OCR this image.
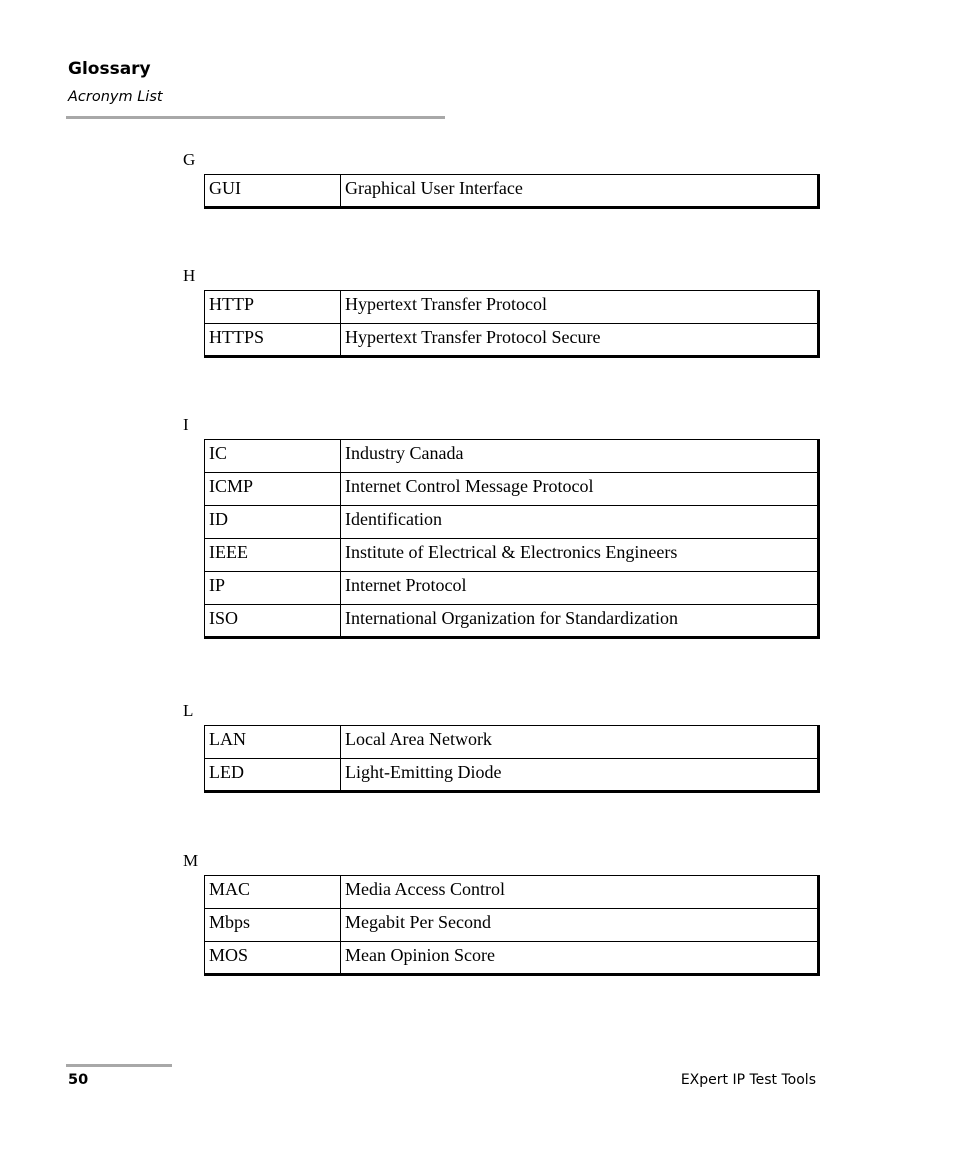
Glossary
Acronym List
G
GUI	Graphical User Interface
H
HTTP	Hypertext Transfer Protocol
HTTPS	Hypertext Transfer Protocol Secure
I
IC	Industry Canada
ICMP	Internet Control Message Protocol
ID	Identification
IEEE	Institute of Electrical & Electronics Engineers
IP	Internet Protocol
ISO	International Organization for Standardization
L
LAN	Local Area Network
LED	Light-Emitting Diode
M
MAC	Media Access Control
Mbps	Megabit Per Second
MOS	Mean Opinion Score
50	EXpert IP Test Tools
